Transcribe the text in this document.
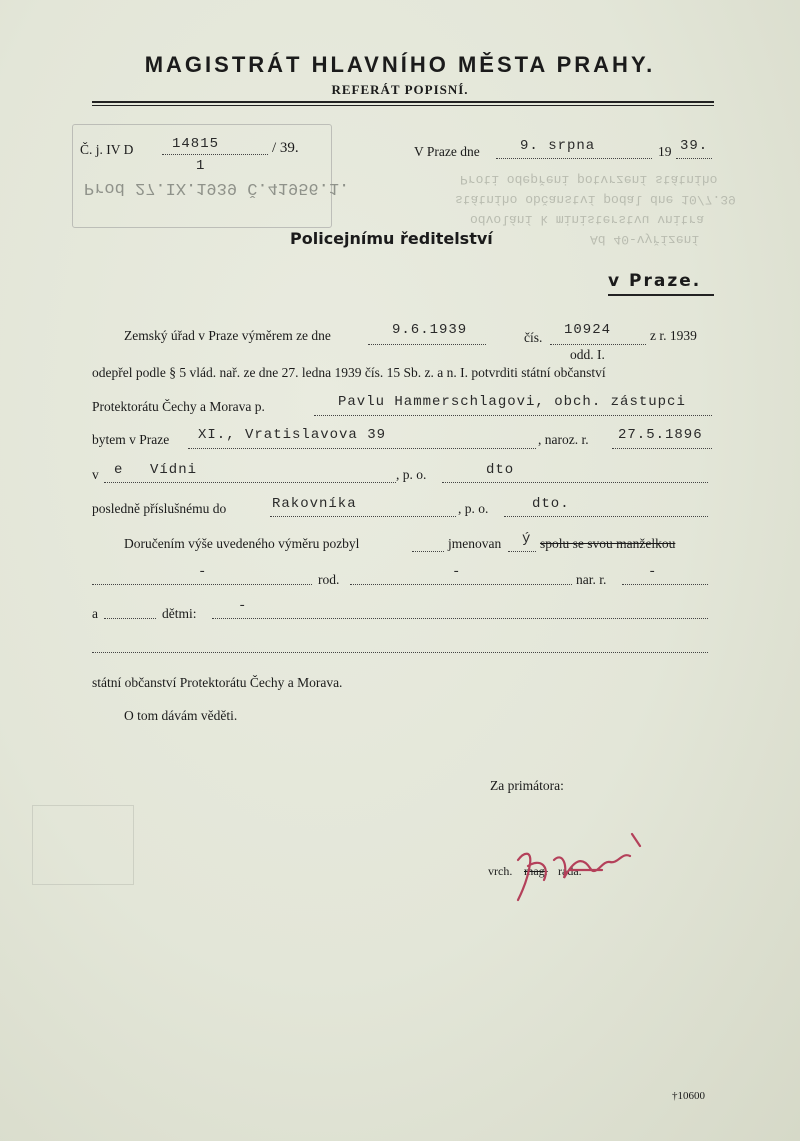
Proti odepřeni potvrzení státního
státního občanství podal dne 10/7.39
odvolání k ministerstvu vnitra
Ad 40-vyřízení
MAGISTRÁT HLAVNÍHO MĚSTA PRAHY.
REFERÁT POPISNÍ.
Prod 27.IX.1939 Č.41956.1.
Č. j. IV D	14815	/ 39.
1
V Praze dne	9. srpna	19 39.
Policejnímu ředitelství
v Praze.
Zemský úřad v Praze výměrem ze dne	9.6.1939	čís. 10924	z r. 1939
odd. I.
odepřel podle § 5 vlád. nař. ze dne 27. ledna 1939 čís. 15 Sb. z. a n. I. potvrditi státní občanství
Protektorátu Čechy a Morava p.	Pavlu Hammerschlagovi, obch. zástupci
bytem v Praze XI., Vratislavova 39	, naroz. r. 27.5.1896
v e Vídni	, p. o.	dto
posledně příslušnému do	Rakovníka	, p. o.	dto.
Doručením výše uvedeného výměru pozbyl	jmenovan ý spolu se svou manželkou
-	rod.	-	nar. r.	-
a	dětmi:	-
státní občanství Protektorátu Čechy a Morava.
O tom dávám věděti.
Za primátora:
vrch. mag. rada.
†10600
